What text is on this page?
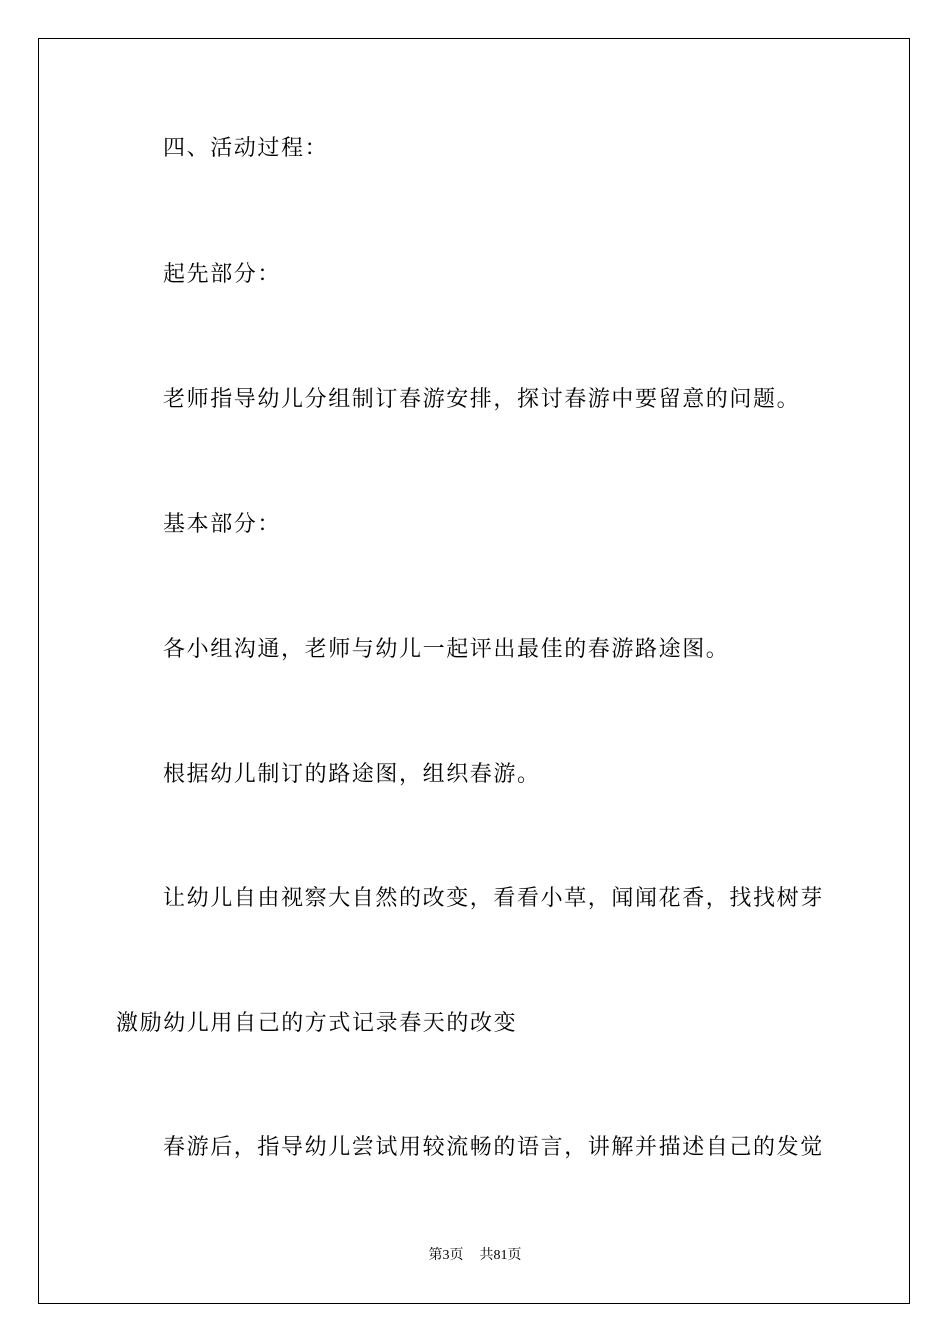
四、活动过程：
起先部分：
老师指导幼儿分组制订春游安排，探讨春游中要留意的问题。
基本部分：
各小组沟通，老师与幼儿一起评出最佳的春游路途图。
根据幼儿制订的路途图，组织春游。
让幼儿自由视察大自然的改变，看看小草，闻闻花香，找找树芽
激励幼儿用自己的方式记录春天的改变
春游后，指导幼儿尝试用较流畅的语言，讲解并描述自己的发觉
第3页 共81页
